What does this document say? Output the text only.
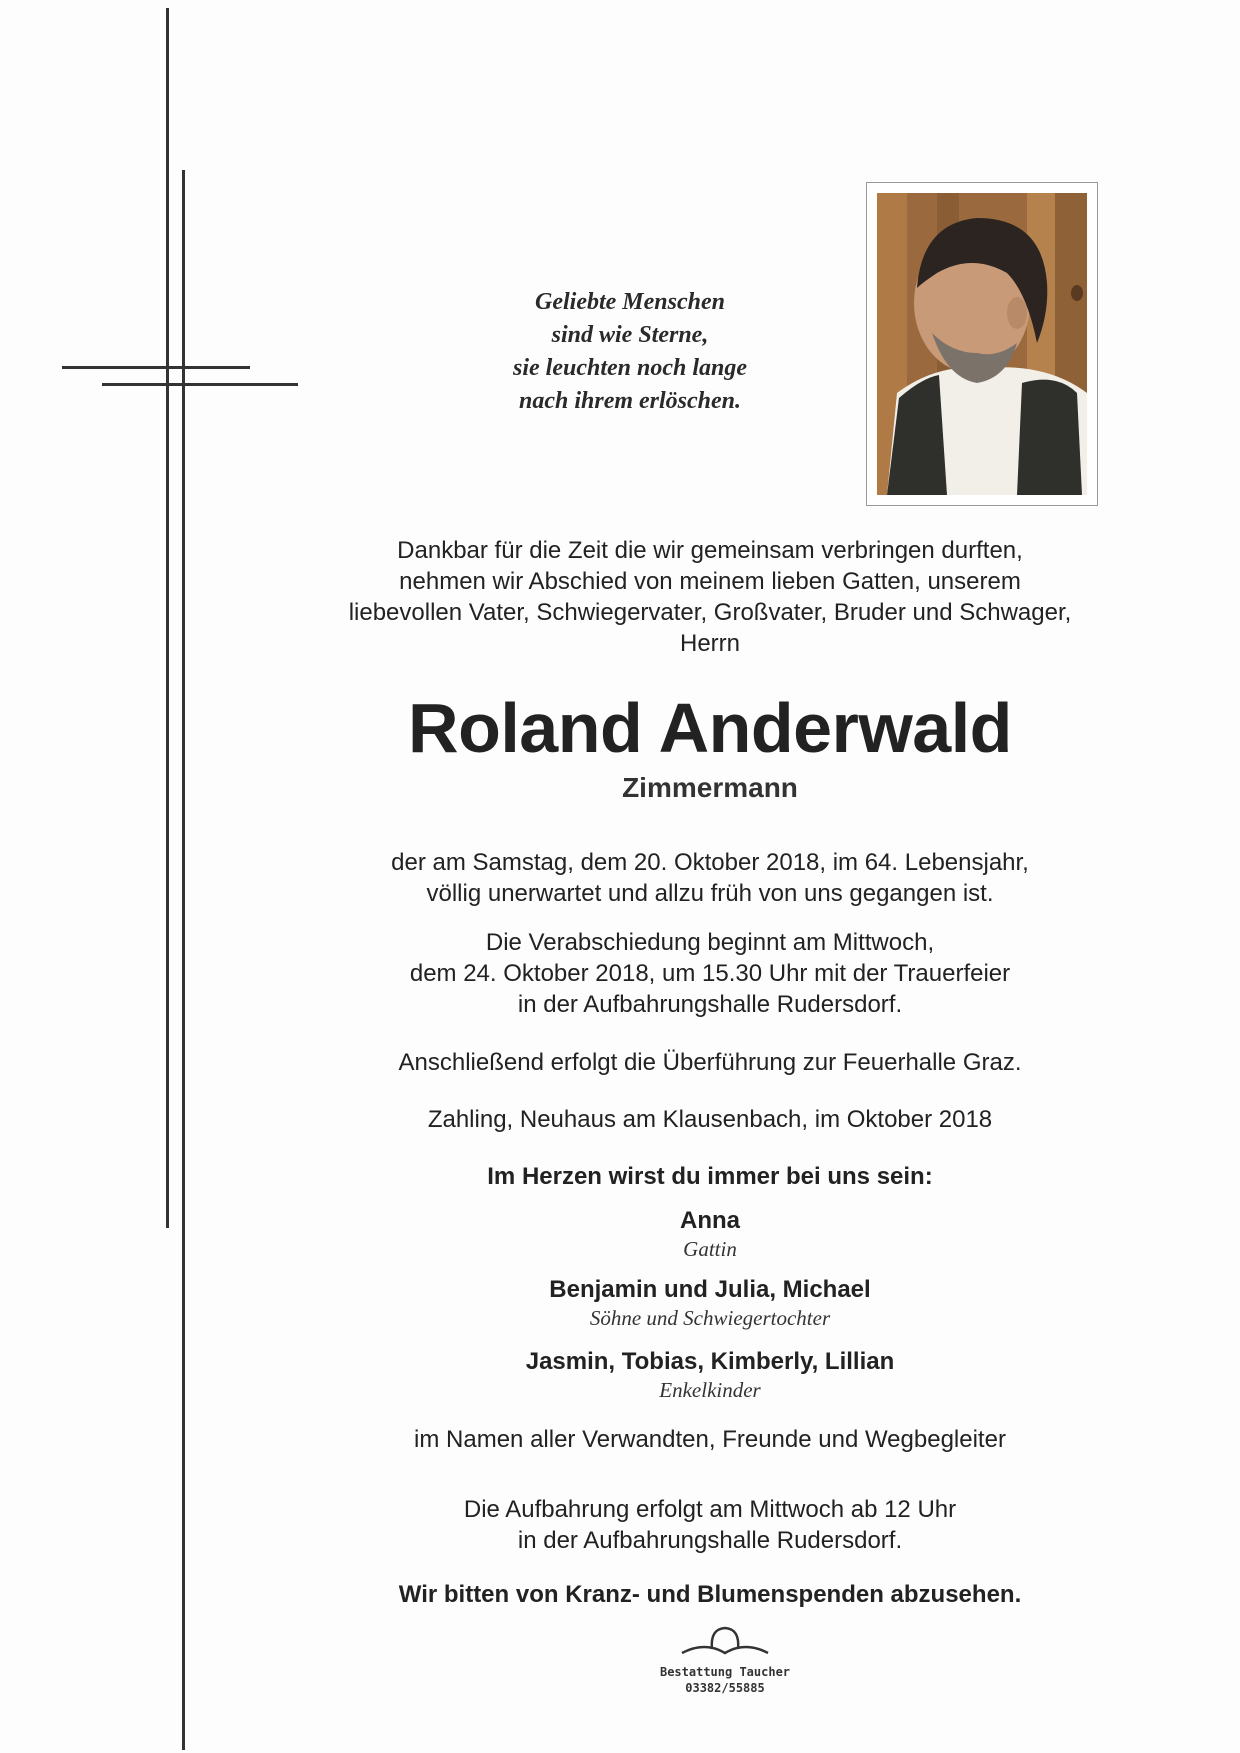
Geliebte Menschen
sind wie Sterne,
sie leuchten noch lange
nach ihrem erlöschen.
Dankbar für die Zeit die wir gemeinsam verbringen durften,
nehmen wir Abschied von meinem lieben Gatten, unserem
liebevollen Vater, Schwiegervater, Großvater, Bruder und Schwager,
Herrn
Roland Anderwald
Zimmermann
der am Samstag, dem 20. Oktober 2018, im 64. Lebensjahr,
völlig unerwartet und allzu früh von uns gegangen ist.
Die Verabschiedung beginnt am Mittwoch,
dem 24. Oktober 2018, um 15.30 Uhr mit der Trauerfeier
in der Aufbahrungshalle Rudersdorf.
Anschließend erfolgt die Überführung zur Feuerhalle Graz.
Zahling, Neuhaus am Klausenbach, im Oktober 2018
Im Herzen wirst du immer bei uns sein:
Anna
Gattin
Benjamin und Julia, Michael
Söhne und Schwiegertochter
Jasmin, Tobias, Kimberly, Lillian
Enkelkinder
im Namen aller Verwandten, Freunde und Wegbegleiter
Die Aufbahrung erfolgt am Mittwoch ab 12 Uhr
in der Aufbahrungshalle Rudersdorf.
Wir bitten von Kranz- und Blumenspenden abzusehen.
Bestattung Taucher
03382/55885
